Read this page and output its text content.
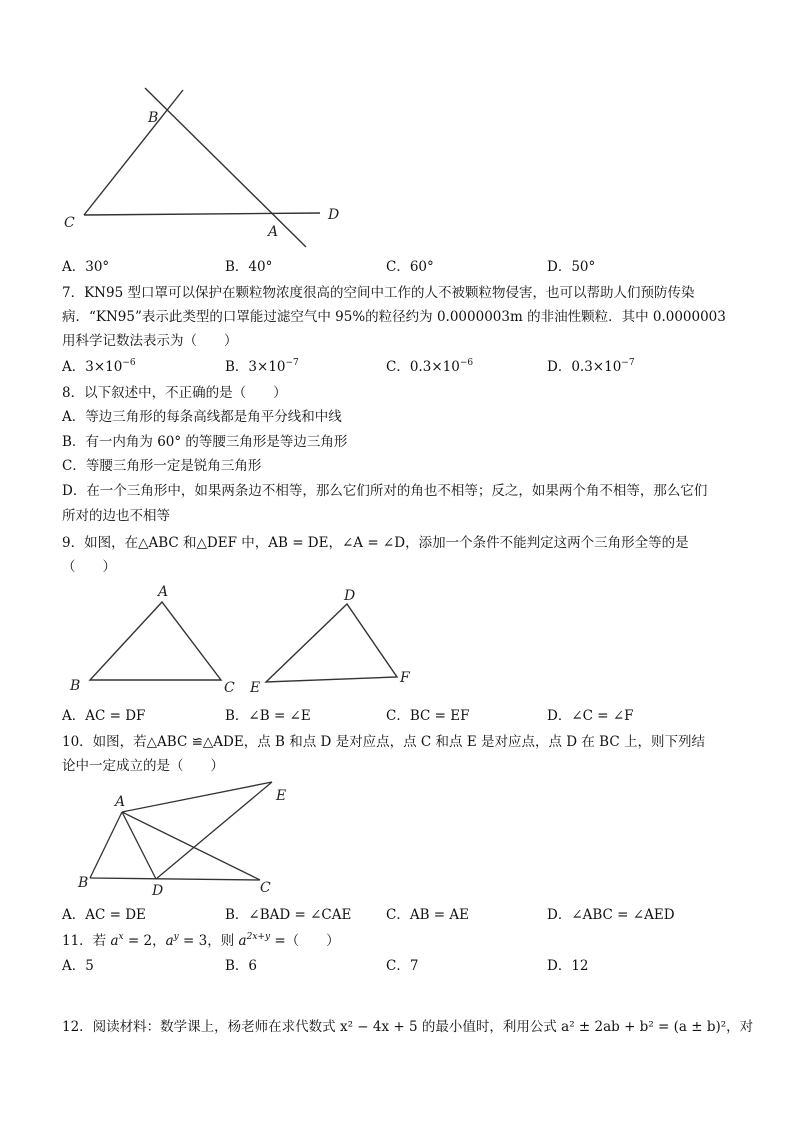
B
C
A
D
A．30°	B．40°	C．60°	D．50°
7．KN95 型口罩可以保护在颗粒物浓度很高的空间中工作的人不被颗粒物侵害，也可以帮助人们预防传染
病．“KN95”表示此类型的口罩能过滤空气中 95%的粒径约为 0.0000003m 的非油性颗粒．其中 0.0000003
用科学记数法表示为（　　）
A．$3\times 10^{-6}$	B．$3\times 10^{-7}$	C．$0.3\times 10^{-6}$	D．$0.3\times 10^{-7}$
8．以下叙述中，不正确的是（　　）
A．等边三角形的每条高线都是角平分线和中线
B．有一内角为 60° 的等腰三角形是等边三角形
C．等腰三角形一定是锐角三角形
D．在一个三角形中，如果两条边不相等，那么它们所对的角也不相等；反之，如果两个角不相等，那么它们
所对的边也不相等
9．如图，在△ABC 和△DEF 中，AB = DE，∠A = ∠D，添加一个条件不能判定这两个三角形全等的是
（　　）
A
B	C
D
E
F
A．AC = DF	B．∠B = ∠E	C．BC = EF	D．∠C = ∠F
10．如图，若△ABC ≌△ADE，点 B 和点 D 是对应点，点 C 和点 E 是对应点，点 D 在 BC 上，则下列结
论中一定成立的是（　　）
A
B	D	C
E
A．AC = DE	B．∠BAD = ∠CAE	C．AB = AE	D．∠ABC = ∠AED
11．若 $a^x = 2$，$a^y = 3$，则 $a^{2x+y}$ =（　　）
A．5	B．6	C．7	D．12
12．阅读材料：数学课上，杨老师在求代数式 x² − 4x + 5 的最小值时，利用公式 a² ± 2ab + b² = (a ± b)²，对
